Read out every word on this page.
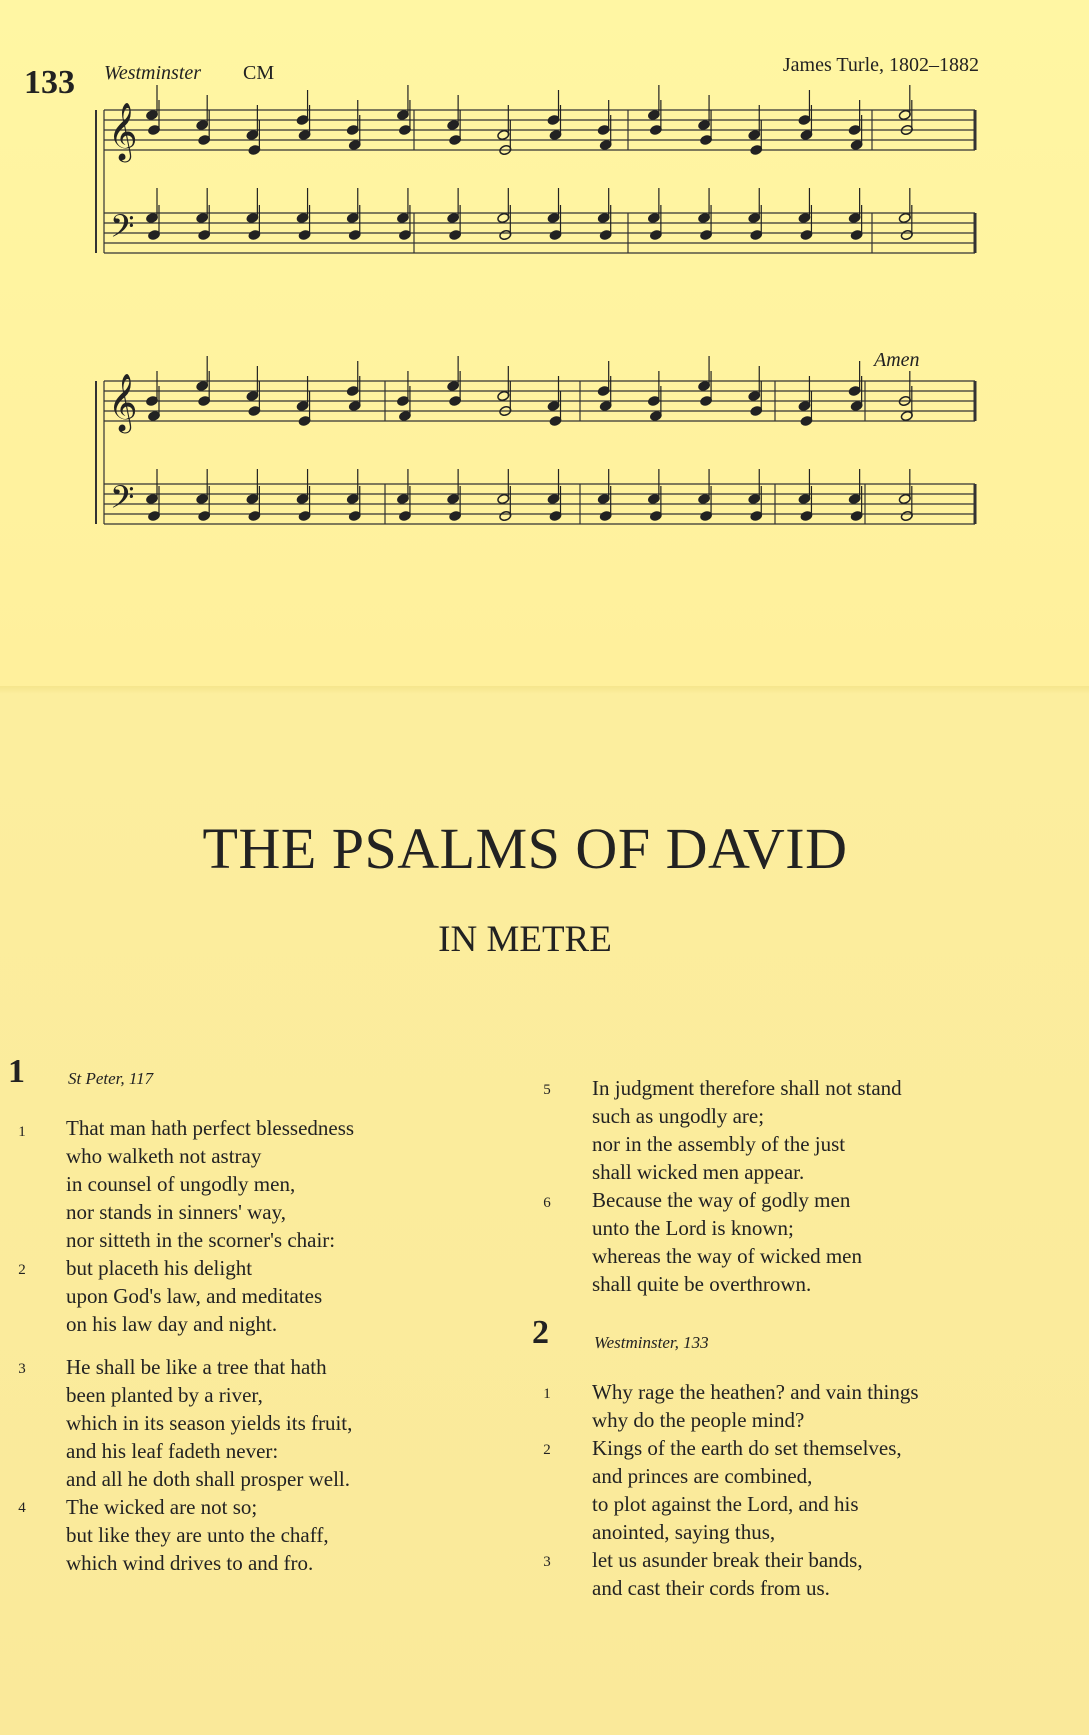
133 Westminster CM	James Turle, 1802–1882
Amen
𝄞
𝄢
𝄞
𝄢
THE PSALMS OF DAVID
IN METRE
1	St Peter, 117
1 That man hath perfect blessedness
who walketh not astray
in counsel of ungodly men,
nor stands in sinners' way,
nor sitteth in the scorner's chair:
2 but placeth his delight
upon God's law, and meditates
on his law day and night.
3 He shall be like a tree that hath
been planted by a river,
which in its season yields its fruit,
and his leaf fadeth never:
and all he doth shall prosper well.
4 The wicked are not so;
but like they are unto the chaff,
which wind drives to and fro.
5 In judgment therefore shall not stand
such as ungodly are;
nor in the assembly of the just
shall wicked men appear.
6 Because the way of godly men
unto the Lord is known;
whereas the way of wicked men
shall quite be overthrown.
2	Westminster, 133
1 Why rage the heathen? and vain things
why do the people mind?
2 Kings of the earth do set themselves,
and princes are combined,
to plot against the Lord, and his
anointed, saying thus,
3 let us asunder break their bands,
and cast their cords from us.
